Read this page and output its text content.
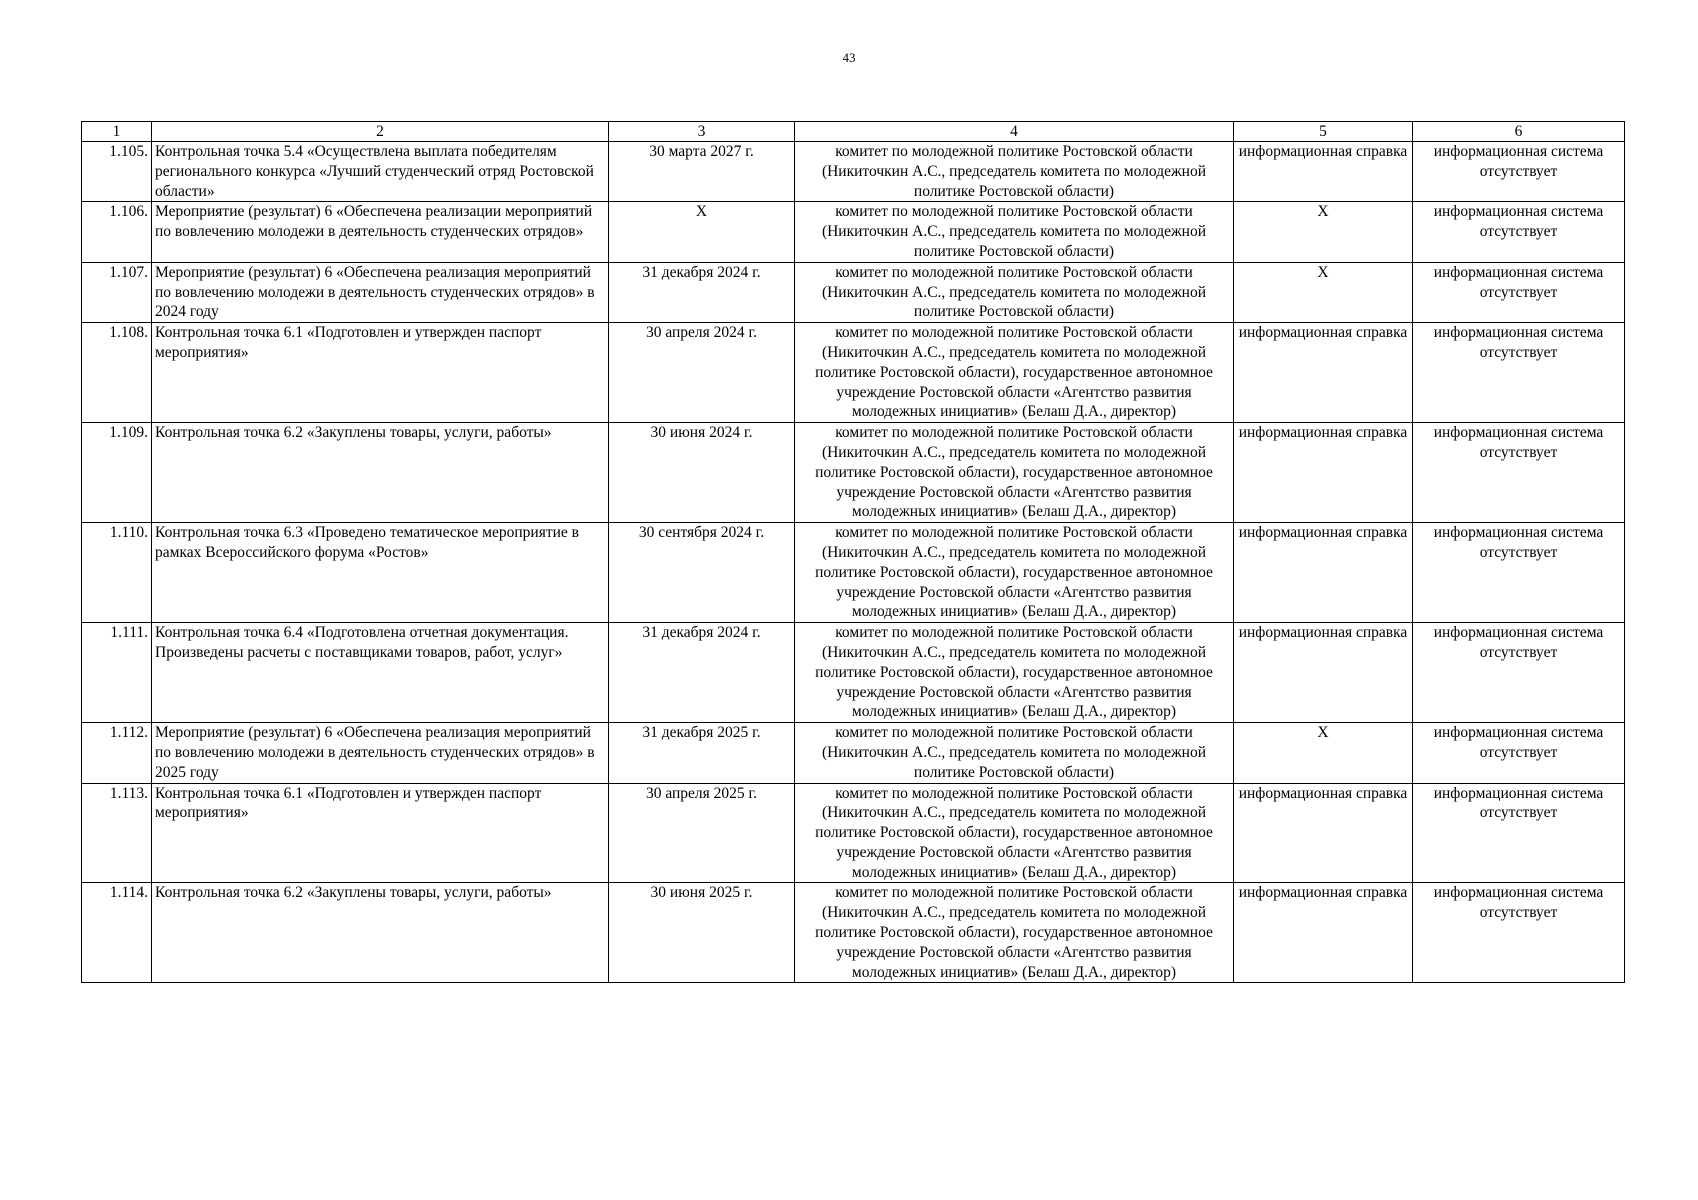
43
1	2	3	4	5	6
1.105.	Контрольная точка 5.4 «Осуществлена выплата победителям регионального конкурса «Лучший студенческий отряд Ростовской области»	30 марта 2027 г.	комитет по молодежной политике Ростовской области (Никиточкин А.С., председатель комитета по молодежной политике Ростовской области)	информационная справка	информационная система отсутствует
1.106.	Мероприятие (результат) 6 «Обеспечена реализации мероприятий по вовлечению молодежи в деятельность студенческих отрядов»	X	комитет по молодежной политике Ростовской области (Никиточкин А.С., председатель комитета по молодежной политике Ростовской области)	X	информационная система отсутствует
1.107.	Мероприятие (результат) 6 «Обеспечена реализация мероприятий по вовлечению молодежи в деятельность студенческих отрядов» в 2024 году	31 декабря 2024 г.	комитет по молодежной политике Ростовской области (Никиточкин А.С., председатель комитета по молодежной политике Ростовской области)	X	информационная система отсутствует
1.108.	Контрольная точка 6.1 «Подготовлен и утвержден паспорт мероприятия»	30 апреля 2024 г.	комитет по молодежной политике Ростовской области (Никиточкин А.С., председатель комитета по молодежной политике Ростовской области), государственное автономное учреждение Ростовской области «Агентство развития молодежных инициатив» (Белаш Д.А., директор)	информационная справка	информационная система отсутствует
1.109.	Контрольная точка 6.2 «Закуплены товары, услуги, работы»	30 июня 2024 г.	комитет по молодежной политике Ростовской области (Никиточкин А.С., председатель комитета по молодежной политике Ростовской области), государственное автономное учреждение Ростовской области «Агентство развития молодежных инициатив» (Белаш Д.А., директор)	информационная справка	информационная система отсутствует
1.110.	Контрольная точка 6.3 «Проведено тематическое мероприятие в рамках Всероссийского форума «Ростов»	30 сентября 2024 г.	комитет по молодежной политике Ростовской области (Никиточкин А.С., председатель комитета по молодежной политике Ростовской области), государственное автономное учреждение Ростовской области «Агентство развития молодежных инициатив» (Белаш Д.А., директор)	информационная справка	информационная система отсутствует
1.111.	Контрольная точка 6.4 «Подготовлена отчетная документация. Произведены расчеты с поставщиками товаров, работ, услуг»	31 декабря 2024 г.	комитет по молодежной политике Ростовской области (Никиточкин А.С., председатель комитета по молодежной политике Ростовской области), государственное автономное учреждение Ростовской области «Агентство развития молодежных инициатив» (Белаш Д.А., директор)	информационная справка	информационная система отсутствует
1.112.	Мероприятие (результат) 6 «Обеспечена реализация мероприятий по вовлечению молодежи в деятельность студенческих отрядов» в 2025 году	31 декабря 2025 г.	комитет по молодежной политике Ростовской области (Никиточкин А.С., председатель комитета по молодежной политике Ростовской области)	X	информационная система отсутствует
1.113.	Контрольная точка 6.1 «Подготовлен и утвержден паспорт мероприятия»	30 апреля 2025 г.	комитет по молодежной политике Ростовской области (Никиточкин А.С., председатель комитета по молодежной политике Ростовской области), государственное автономное учреждение Ростовской области «Агентство развития молодежных инициатив» (Белаш Д.А., директор)	информационная справка	информационная система отсутствует
1.114.	Контрольная точка 6.2 «Закуплены товары, услуги, работы»	30 июня 2025 г.	комитет по молодежной политике Ростовской области (Никиточкин А.С., председатель комитета по молодежной политике Ростовской области), государственное автономное учреждение Ростовской области «Агентство развития молодежных инициатив» (Белаш Д.А., директор)	информационная справка	информационная система отсутствует
